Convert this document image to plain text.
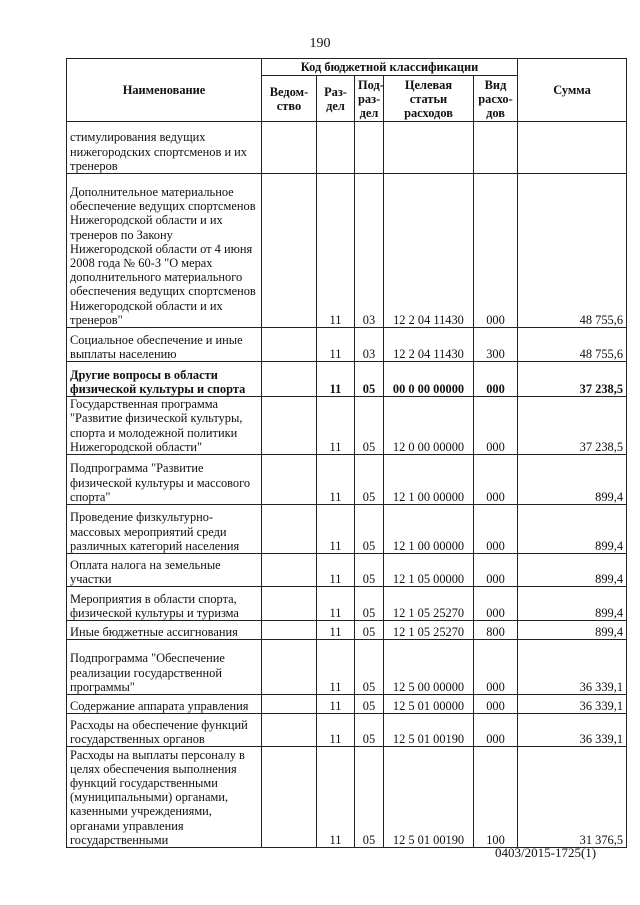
190
Наименование	Код бюджетной классификации					Сумма
	Ведом-ство	Раз-дел	Под-раз-дел	Целевая статьи расходов	Вид расхо-дов	
стимулирования ведущих нижегородских спортсменов и их тренеров						
Дополнительное материальное обеспечение ведущих спортсменов Нижегородской области и их тренеров по Закону Нижегородской области от 4 июня 2008 года № 60-З "О мерах дополнительного материального обеспечения ведущих спортсменов Нижегородской области и их тренеров"		11	03	12 2 04 11430	000	48 755,6
Социальное обеспечение и иные выплаты населению		11	03	12 2 04 11430	300	48 755,6
Другие вопросы в области физической культуры и спорта		11	05	00 0 00 00000	000	37 238,5
Государственная программа "Развитие физической культуры, спорта и молодежной политики Нижегородской области"		11	05	12 0 00 00000	000	37 238,5
Подпрограмма "Развитие физической культуры и массового спорта"		11	05	12 1 00 00000	000	899,4
Проведение физкультурно-массовых мероприятий среди различных категорий населения		11	05	12 1 00 00000	000	899,4
Оплата налога на земельные участки		11	05	12 1 05 00000	000	899,4
Мероприятия в области спорта, физической культуры и туризма		11	05	12 1 05 25270	000	899,4
Иные бюджетные ассигнования		11	05	12 1 05 25270	800	899,4
Подпрограмма "Обеспечение реализации государственной программы"		11	05	12 5 00 00000	000	36 339,1
Содержание аппарата управления		11	05	12 5 01 00000	000	36 339,1
Расходы на обеспечение функций государственных органов		11	05	12 5 01 00190	000	36 339,1
Расходы на выплаты персоналу в целях обеспечения выполнения функций государственными (муниципальными) органами, казенными учреждениями, органами управления государственными		11	05	12 5 01 00190	100	31 376,5
0403/2015-1725(1)
